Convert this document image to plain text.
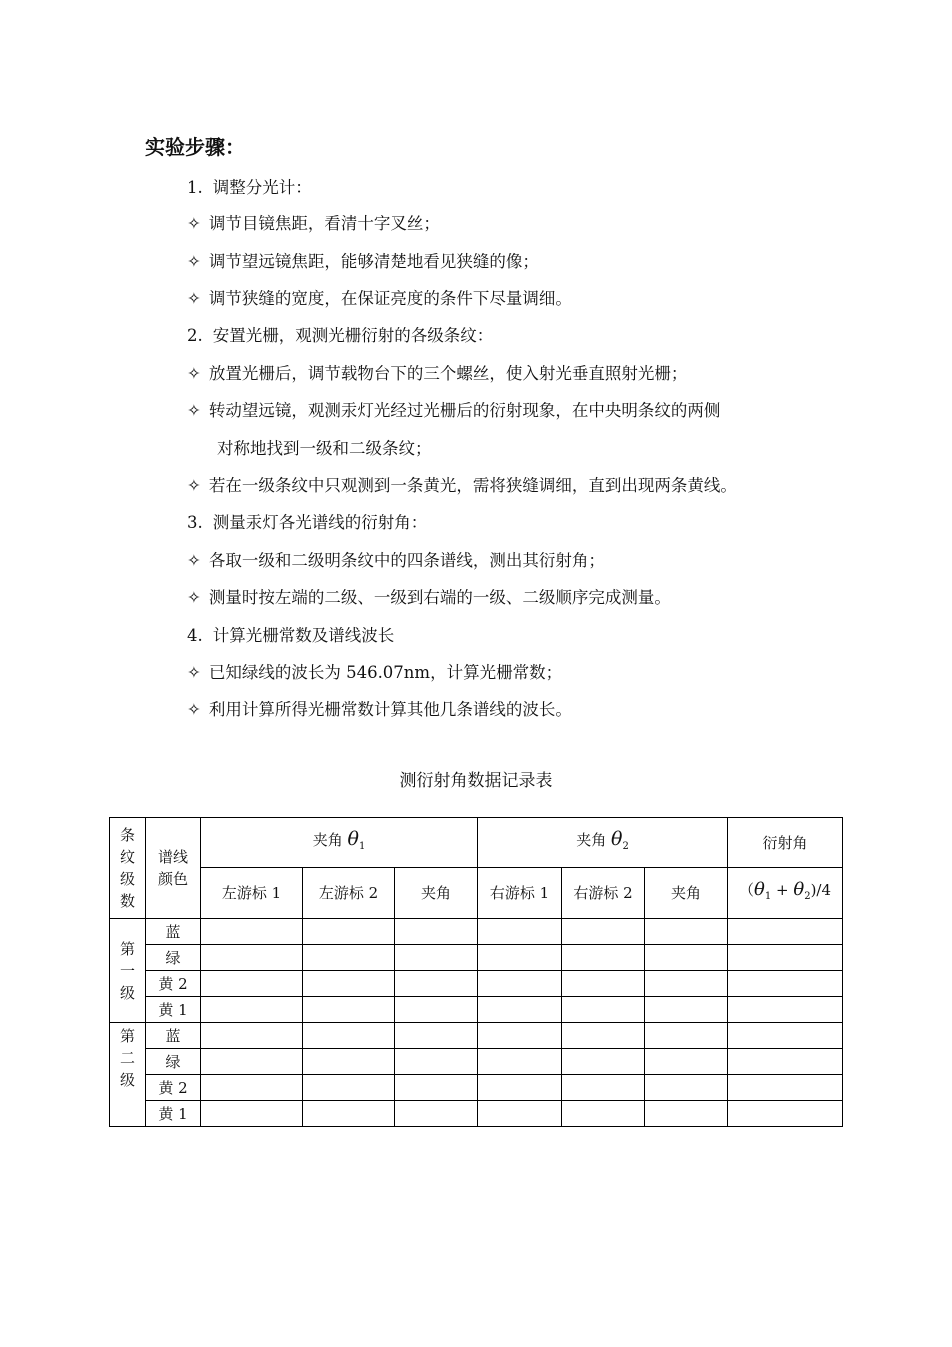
实验步骤：
1. 调整分光计：
✧ 调节目镜焦距，看清十字叉丝；
✧ 调节望远镜焦距，能够清楚地看见狭缝的像；
✧ 调节狭缝的宽度，在保证亮度的条件下尽量调细。
2. 安置光栅，观测光栅衍射的各级条纹：
✧ 放置光栅后，调节载物台下的三个螺丝，使入射光垂直照射光栅；
✧ 转动望远镜，观测汞灯光经过光栅后的衍射现象，在中央明条纹的两侧
对称地找到一级和二级条纹；
✧ 若在一级条纹中只观测到一条黄光，需将狭缝调细，直到出现两条黄线。
3. 测量汞灯各光谱线的衍射角：
✧ 各取一级和二级明条纹中的四条谱线，测出其衍射角；
✧ 测量时按左端的二级、一级到右端的一级、二级顺序完成测量。
4. 计算光栅常数及谱线波长
✧ 已知绿线的波长为 546.07nm，计算光栅常数；
✧ 利用计算所得光栅常数计算其他几条谱线的波长。
测衍射角数据记录表
条
纹
级
数	谱线
颜色	夹角 $\theta_1$			夹角 $\theta_2$			衍射角
		左游标 1	左游标 2	夹角	右游标 1	右游标 2	夹角	$(\theta_1 + \theta_2)/4$
第
一
级	蓝							
	绿							
	黄 2							
	黄 1							
第
二
级	蓝							
	绿							
	黄 2							
	黄 1							
